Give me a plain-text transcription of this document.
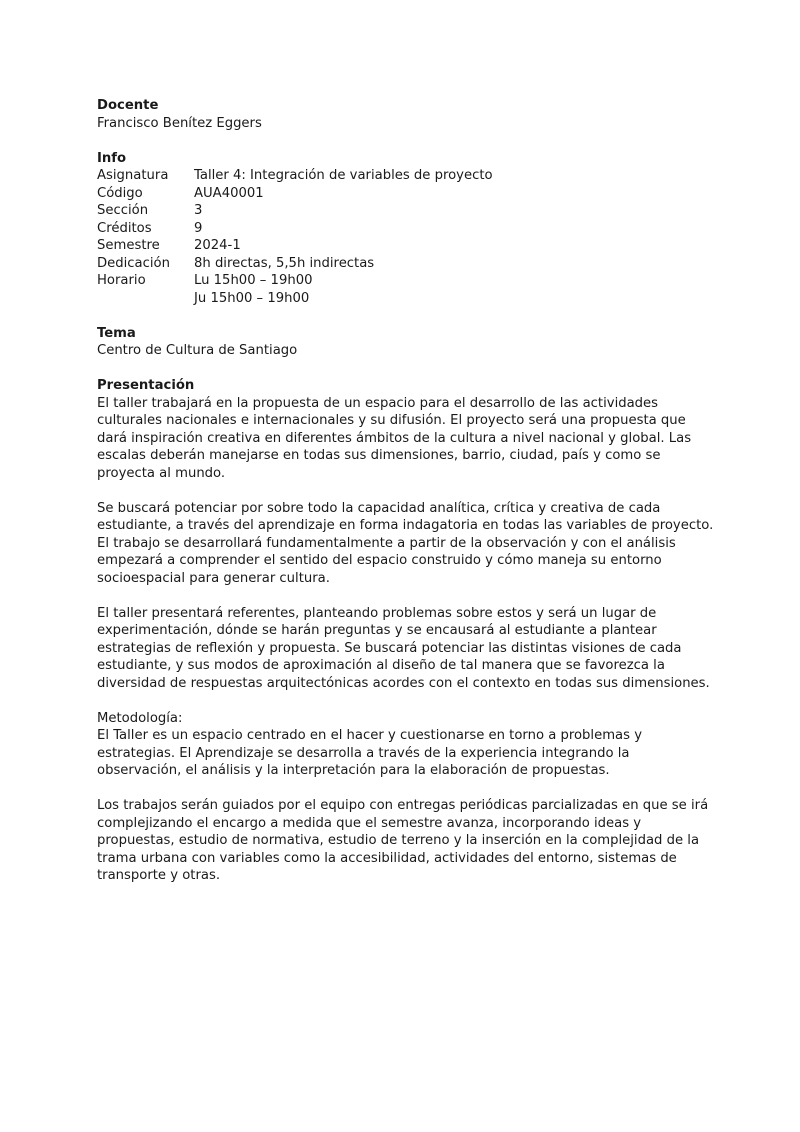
Docente

Francisco Benítez Eggers

Info

Asignatura	Taller 4: Integración de variables de proyecto
Código	AUA40001
Sección	3
Créditos	9
Semestre	2024-1
Dedicación	8h directas, 5,5h indirectas
Horario	Lu 15h00 – 19h00
Ju 15h00 – 19h00

Tema

Centro de Cultura de Santiago

Presentación

El taller trabajará en la propuesta de un espacio para el desarrollo de las actividades culturales nacionales e internacionales y su difusión. El proyecto será una propuesta que dará inspiración creativa en diferentes ámbitos de la cultura a nivel nacional y global. Las escalas deberán manejarse en todas sus dimensiones, barrio, ciudad, país y como se proyecta al mundo.

Se buscará potenciar por sobre todo la capacidad analítica, crítica y creativa de cada estudiante, a través del aprendizaje en forma indagatoria en todas las variables de proyecto.

El trabajo se desarrollará fundamentalmente a partir de la observación y con el análisis empezará a comprender el sentido del espacio construido y cómo maneja su entorno socioespacial para generar cultura.

El taller presentará referentes, planteando problemas sobre estos y será un lugar de experimentación, dónde se harán preguntas y se encausará al estudiante a plantear estrategias de reflexión y propuesta. Se buscará potenciar las distintas visiones de cada estudiante, y sus modos de aproximación al diseño de tal manera que se favorezca la diversidad de respuestas arquitectónicas acordes con el contexto en todas sus dimensiones.

Metodología:

El Taller es un espacio centrado en el hacer y cuestionarse en torno a problemas y estrategias. El Aprendizaje se desarrolla a través de la experiencia integrando la observación, el análisis y la interpretación para la elaboración de propuestas.

Los trabajos serán guiados por el equipo con entregas periódicas parcializadas en que se irá complejizando el encargo a medida que el semestre avanza, incorporando ideas y propuestas, estudio de normativa, estudio de terreno y la inserción en la complejidad de la trama urbana con variables como la accesibilidad, actividades del entorno, sistemas de transporte y otras.
